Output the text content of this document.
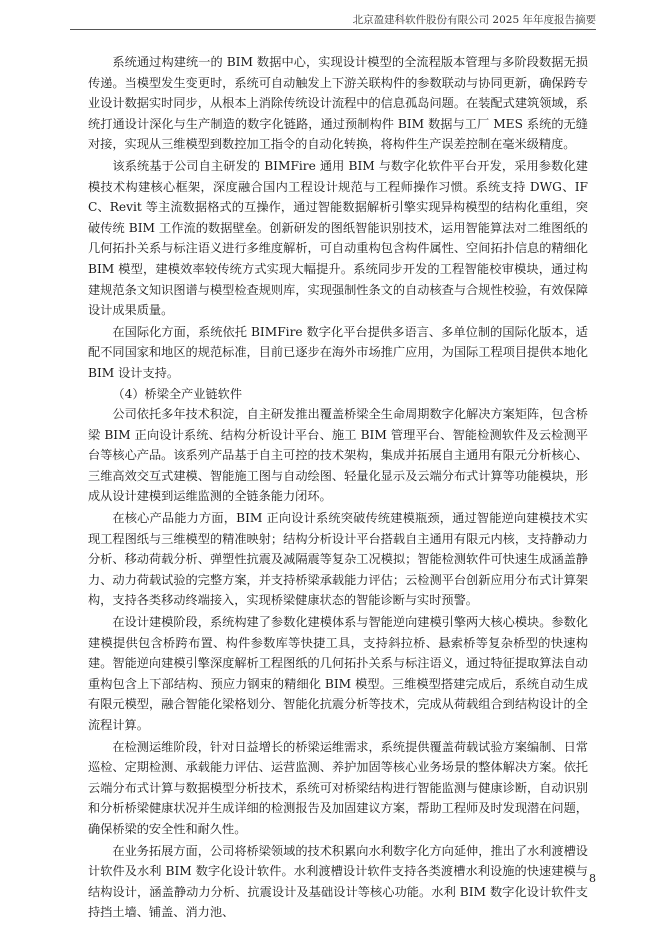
北京盈建科软件股份有限公司 2025 年年度报告摘要

系统通过构建统一的 BIM 数据中心，实现设计模型的全流程版本管理与多阶段数据无损传递。当模型发生变更时，系统可自动触发上下游关联构件的参数联动与协同更新，确保跨专业设计数据实时同步，从根本上消除传统设计流程中的信息孤岛问题。在装配式建筑领域，系统打通设计深化与生产制造的数字化链路，通过预制构件 BIM 数据与工厂 MES 系统的无缝对接，实现从三维模型到数控加工指令的自动化转换，将构件生产误差控制在毫米级精度。

该系统基于公司自主研发的 BIMFire 通用 BIM 与数字化软件平台开发，采用参数化建模技术构建核心框架，深度融合国内工程设计规范与工程师操作习惯。系统支持 DWG、IFC、Revit 等主流数据格式的互操作，通过智能数据解析引擎实现异构模型的结构化重组，突破传统 BIM 工作流的数据壁垒。创新研发的图纸智能识别技术，运用智能算法对二维图纸的几何拓扑关系与标注语义进行多维度解析，可自动重构包含构件属性、空间拓扑信息的精细化 BIM 模型，建模效率较传统方式实现大幅提升。系统同步开发的工程智能校审模块，通过构建规范条文知识图谱与模型检查规则库，实现强制性条文的自动核查与合规性校验，有效保障设计成果质量。

在国际化方面，系统依托 BIMFire 数字化平台提供多语言、多单位制的国际化版本，适配不同国家和地区的规范标准，目前已逐步在海外市场推广应用，为国际工程项目提供本地化 BIM 设计支持。

（4）桥梁全产业链软件

公司依托多年技术积淀，自主研发推出覆盖桥梁全生命周期数字化解决方案矩阵，包含桥梁 BIM 正向设计系统、结构分析设计平台、施工 BIM 管理平台、智能检测软件及云检测平台等核心产品。该系列产品基于自主可控的技术架构，集成并拓展自主通用有限元分析核心、三维高效交互式建模、智能施工图与自动绘图、轻量化显示及云端分布式计算等功能模块，形成从设计建模到运维监测的全链条能力闭环。

在核心产品能力方面，BIM 正向设计系统突破传统建模瓶颈，通过智能逆向建模技术实现工程图纸与三维模型的精准映射；结构分析设计平台搭载自主通用有限元内核，支持静动力分析、移动荷载分析、弹塑性抗震及减隔震等复杂工况模拟；智能检测软件可快速生成涵盖静力、动力荷载试验的完整方案，并支持桥梁承载能力评估；云检测平台创新应用分布式计算架构，支持各类移动终端接入，实现桥梁健康状态的智能诊断与实时预警。

在设计建模阶段，系统构建了参数化建模体系与智能逆向建模引擎两大核心模块。参数化建模提供包含桥跨布置、构件参数库等快捷工具，支持斜拉桥、悬索桥等复杂桥型的快速构建。智能逆向建模引擎深度解析工程图纸的几何拓扑关系与标注语义，通过特征提取算法自动重构包含上下部结构、预应力钢束的精细化 BIM 模型。三维模型搭建完成后，系统自动生成有限元模型，融合智能化梁格划分、智能化抗震分析等技术，完成从荷载组合到结构设计的全流程计算。

在检测运维阶段，针对日益增长的桥梁运维需求，系统提供覆盖荷载试验方案编制、日常巡检、定期检测、承载能力评估、运营监测、养护加固等核心业务场景的整体解决方案。依托云端分布式计算与数据模型分析技术，系统可对桥梁结构进行智能监测与健康诊断，自动识别和分析桥梁健康状况并生成详细的检测报告及加固建议方案，帮助工程师及时发现潜在问题，确保桥梁的安全性和耐久性。

在业务拓展方面，公司将桥梁领域的技术积累向水利数字化方向延伸，推出了水利渡槽设计软件及水利 BIM 数字化设计软件。水利渡槽设计软件支持各类渡槽水利设施的快速建模与结构设计，涵盖静动力分析、抗震设计及基础设计等核心功能。水利 BIM 数字化设计软件支持挡土墙、铺盖、消力池、

8
